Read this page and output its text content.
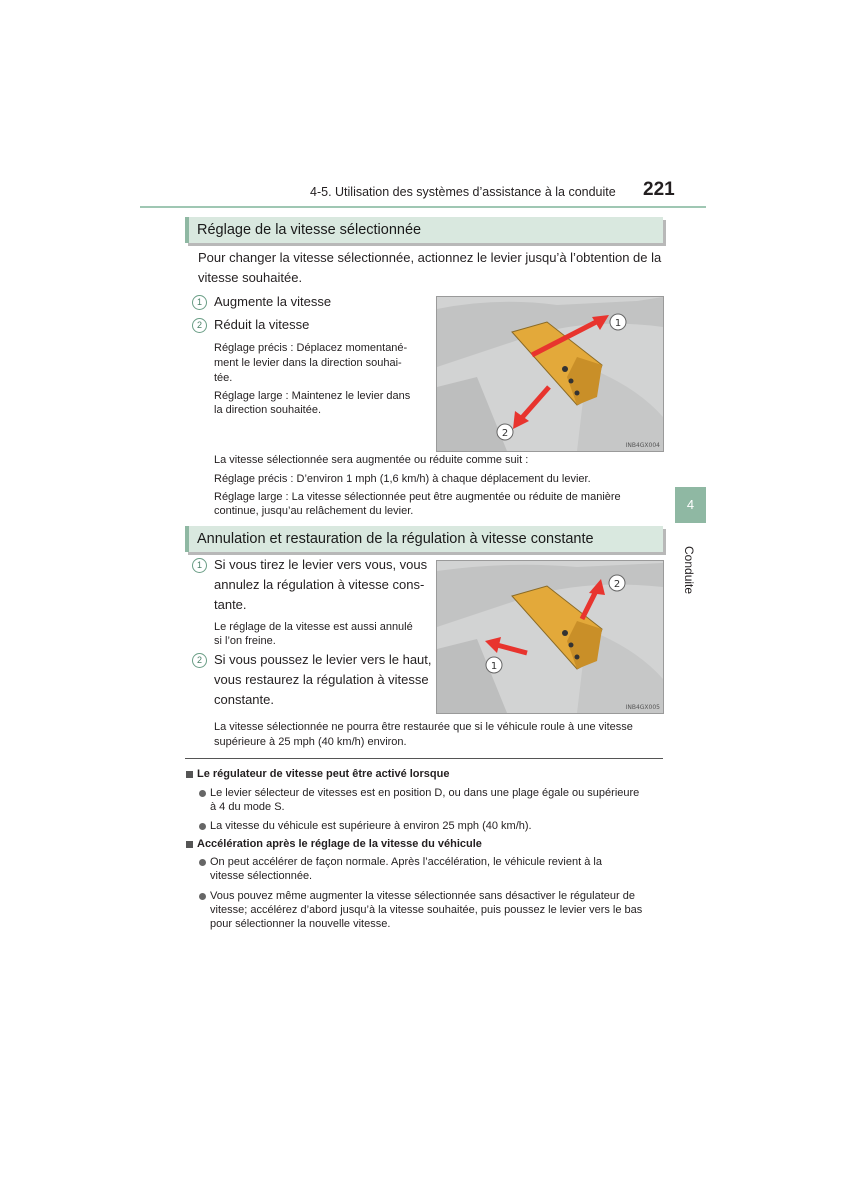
4-5. Utilisation des systèmes d’assistance à la conduite 221
4
Conduite
Réglage de la vitesse sélectionnée
Pour changer la vitesse sélectionnée, actionnez le levier jusqu’à l’obtention de la
vitesse souhaitée.
1 Augmente la vitesse
2 Réduit la vitesse
Réglage précis : Déplacez momentané-
ment le levier dans la direction souhai-
tée.
Réglage large : Maintenez le levier dans
la direction souhaitée.
1
2
INB4GX004
La vitesse sélectionnée sera augmentée ou réduite comme suit :
Réglage précis : D’environ 1 mph (1,6 km/h) à chaque déplacement du levier.
Réglage large : La vitesse sélectionnée peut être augmentée ou réduite de manière
continue, jusqu’au relâchement du levier.
Annulation et restauration de la régulation à vitesse constante
1 Si vous tirez le levier vers vous, vous
annulez la régulation à vitesse cons-
tante.
Le réglage de la vitesse est aussi annulé
si l’on freine.
2 Si vous poussez le levier vers le haut,
vous restaurez la régulation à vitesse
constante.
2
1
INB4GX005
La vitesse sélectionnée ne pourra être restaurée que si le véhicule roule à une vitesse
supérieure à 25 mph (40 km/h) environ.
Le régulateur de vitesse peut être activé lorsque
Le levier sélecteur de vitesses est en position D, ou dans une plage égale ou supérieure
à 4 du mode S.
La vitesse du véhicule est supérieure à environ 25 mph (40 km/h).
Accélération après le réglage de la vitesse du véhicule
On peut accélérer de façon normale. Après l’accélération, le véhicule revient à la
vitesse sélectionnée.
Vous pouvez même augmenter la vitesse sélectionnée sans désactiver le régulateur de
vitesse; accélérez d’abord jusqu’à la vitesse souhaitée, puis poussez le levier vers le bas
pour sélectionner la nouvelle vitesse.
